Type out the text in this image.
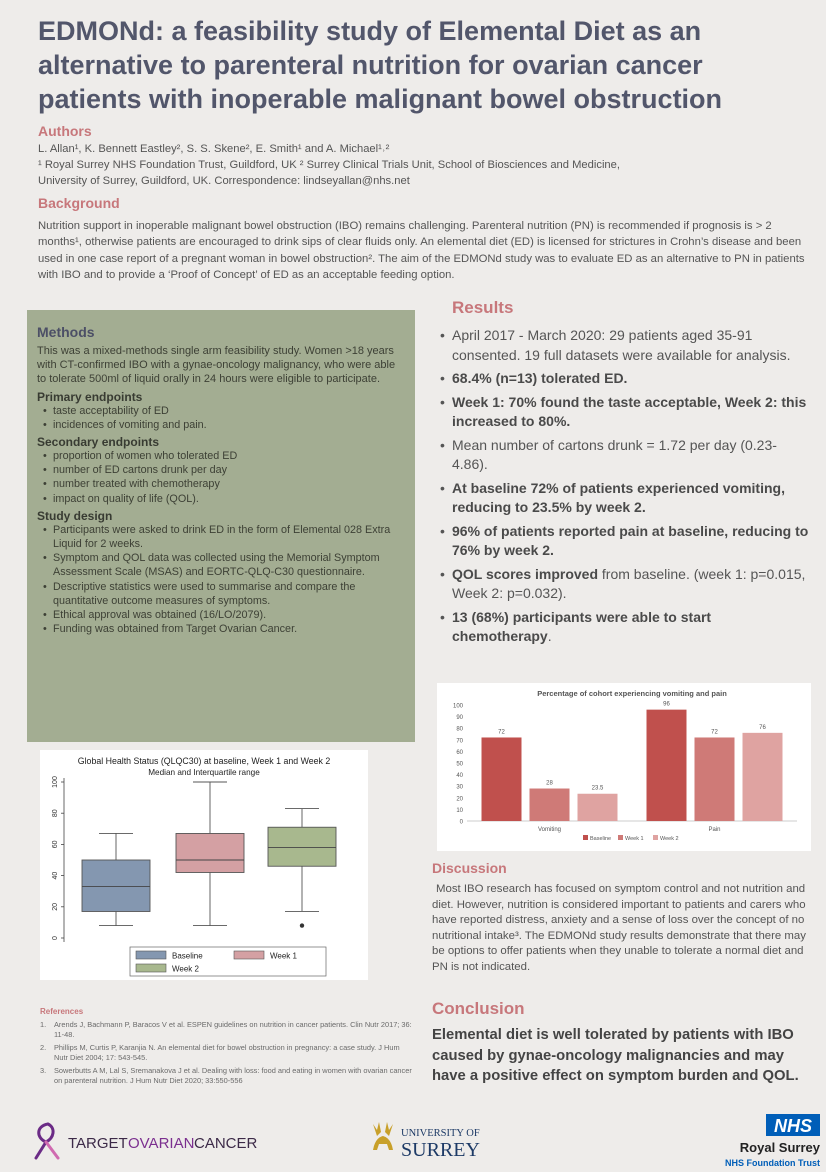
EDMONd: a feasibility study of Elemental Diet as an alternative to parenteral nutrition for ovarian cancer patients with inoperable malignant bowel obstruction
Authors
L. Allan¹, K. Bennett Eastley², S. S. Skene², E. Smith¹ and A. Michael¹˒²
¹ Royal Surrey NHS Foundation Trust, Guildford, UK ² Surrey Clinical Trials Unit, School of Biosciences and Medicine,
University of Surrey, Guildford, UK. Correspondence: lindseyallan@nhs.net
Background
Nutrition support in inoperable malignant bowel obstruction (IBO) remains challenging. Parenteral nutrition (PN) is recommended if prognosis is > 2 months¹, otherwise patients are encouraged to drink sips of clear fluids only. An elemental diet (ED) is licensed for strictures in Crohn’s disease and been used in one case report of a pregnant woman in bowel obstruction². The aim of the EDMONd study was to evaluate ED as an alternative to PN in patients with IBO and to provide a ‘Proof of Concept’ of ED as an acceptable feeding option.
Methods

This was a mixed-methods single arm feasibility study. Women >18 years with CT-confirmed IBO with a gynae-oncology malignancy, who were able to tolerate 500ml of liquid orally in 24 hours were eligible to participate.

Primary endpoints
• taste acceptability of ED
• incidences of vomiting and pain.
Secondary endpoints
• proportion of women who tolerated ED
• number of ED cartons drunk per day
• number treated with chemotherapy
• impact on quality of life (QOL).
Study design
• Participants were asked to drink ED in the form of Elemental 028 Extra Liquid for 2 weeks.
• Symptom and QOL data was collected using the Memorial Symptom Assessment Scale (MSAS) and EORTC-QLQ-C30 questionnaire.
• Descriptive statistics were used to summarise and compare the quantitative outcome measures of symptoms.
• Ethical approval was obtained (16/LO/2079).
• Funding was obtained from Target Ovarian Cancer.
Results
• April 2017 - March 2020: 29 patients aged 35-91 consented. 19 full datasets were available for analysis.
• 68.4% (n=13) tolerated ED.
• Week 1: 70% found the taste acceptable, Week 2: this increased to 80%.
• Mean number of cartons drunk = 1.72 per day (0.23-4.86).
• At baseline 72% of patients experienced vomiting, reducing to 23.5% by week 2.
• 96% of patients reported pain at baseline, reducing to 76% by week 2.
• QOL scores improved from baseline. (week 1: p=0.015, Week 2: p=0.032).
• 13 (68%) participants were able to start chemotherapy.
Percentage of cohort experiencing vomiting and pain
0
10
20
30
40
50
60
70
80
90
100
72
28
23.5
Vomiting
96
72
76
Pain
Baseline	Week 1	Week 2
Global Health Status (QLQC30) at baseline, Week 1 and Week 2
Median and Interquartile range
0
20
40
60
80
100
Baseline	Week 1
Week 2
Discussion
Most IBO research has focused on symptom control and not nutrition and diet. However, nutrition is considered important to patients and carers who have reported distress, anxiety and a sense of loss over the concept of no nutritional intake³. The EDMONd study results demonstrate that there may be options to offer patients when they unable to tolerate a normal diet and PN is not indicated.
Conclusion
Elemental diet is well tolerated by patients with IBO caused by gynae-oncology malignancies and may have a positive effect on symptom burden and QOL.
References
1. Arends J, Bachmann P, Baracos V et al. ESPEN guidelines on nutrition in cancer patients. Clin Nutr 2017; 36: 11-48.
2. Phillips M, Curtis P, Karanjia N. An elemental diet for bowel obstruction in pregnancy: a case study. J Hum Nutr Diet 2004; 17: 543-545.
3. Sowerbutts A M, Lal S, Sremanakova J et al. Dealing with loss: food and eating in women with ovarian cancer on parenteral nutrition. J Hum Nutr Diet 2020; 33:550-556
TARGET OVARIAN CANCER
UNIVERSITY OF
SURREY
NHS
Royal Surrey
NHS Foundation Trust
